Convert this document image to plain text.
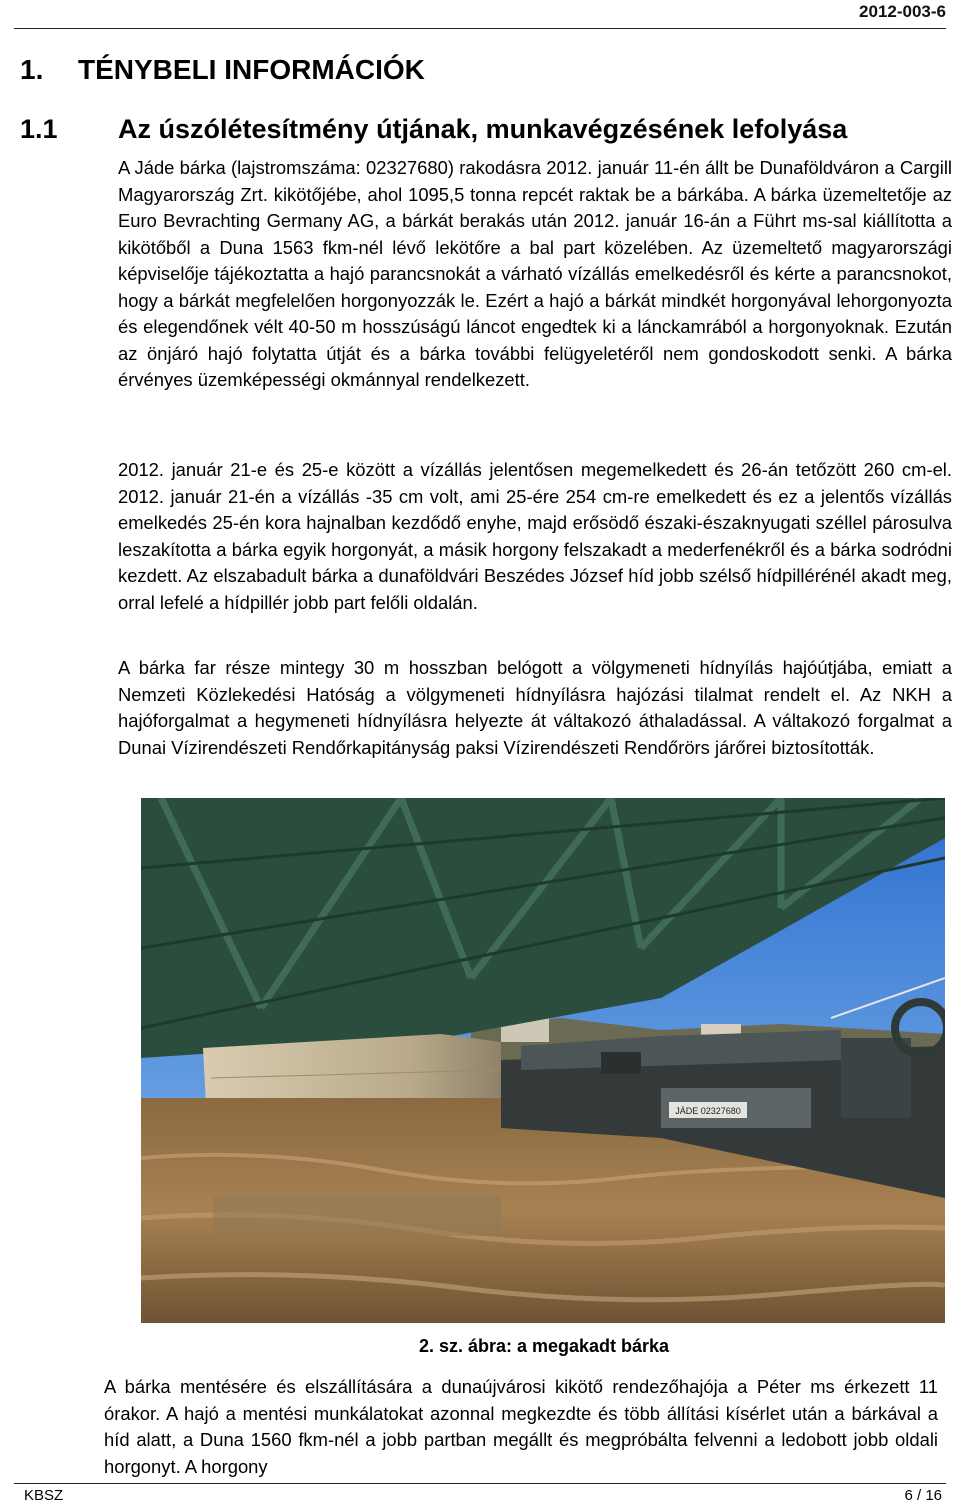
2012-003-6
1. TÉNYBELI INFORMÁCIÓK
1.1 Az úszólétesítmény útjának, munkavégzésének lefolyása

A Jáde bárka (lajstromszáma: 02327680) rakodásra 2012. január 11-én állt be Dunaföldváron a Cargill Magyarország Zrt. kikötőjébe, ahol 1095,5 tonna repcét raktak be a bárkába. A bárka üzemeltetője az Euro Bevrachting Germany AG, a bárkát berakás után 2012. január 16-án a Führt ms-sal kiállította a kikötőből a Duna 1563 fkm-nél lévő lekötőre a bal part közelében. Az üzemeltető magyarországi képviselője tájékoztatta a hajó parancsnokát a várható vízállás emelkedésről és kérte a parancsnokot, hogy a bárkát megfelelően horgonyozzák le. Ezért a hajó a bárkát mindkét horgonyával lehorgonyozta és elegendőnek vélt 40-50 m hosszúságú láncot engedtek ki a lánckamrából a horgonyoknak. Ezután az önjáró hajó folytatta útját és a bárka további felügyeletéről nem gondoskodott senki. A bárka érvényes üzemképességi okmánnyal rendelkezett.

2012. január 21-e és 25-e között a vízállás jelentősen megemelkedett és 26-án tetőzött 260 cm-el. 2012. január 21-én a vízállás -35 cm volt, ami 25-ére 254 cm-re emelkedett és ez a jelentős vízállás emelkedés 25-én kora hajnalban kezdődő enyhe, majd erősödő északi-északnyugati széllel párosulva leszakította a bárka egyik horgonyát, a másik horgony felszakadt a mederfenékről és a bárka sodródni kezdett. Az elszabadult bárka a dunaföldvári Beszédes József híd jobb szélső hídpillérénél akadt meg, orral lefelé a hídpillér jobb part felőli oldalán.

A bárka far része mintegy 30 m hosszban belógott a völgymeneti hídnyílás hajóútjába, emiatt a Nemzeti Közlekedési Hatóság a völgymeneti hídnyílásra hajózási tilalmat rendelt el. Az NKH a hajóforgalmat a hegymeneti hídnyílásra helyezte át váltakozó áthaladással. A váltakozó forgalmat a Dunai Vízirendészeti Rendőrkapitányság paksi Vízirendészeti Rendőrörs járőrei biztosították.

JÁDE 02327680
2. sz. ábra: a megakadt bárka

A bárka mentésére és elszállítására a dunaújvárosi kikötő rendezőhajója a Péter ms érkezett 11 órakor. A hajó a mentési munkálatokat azonnal megkezdte és több állítási kísérlet után a bárkával a híd alatt, a Duna 1560 fkm-nél a jobb partban megállt és megpróbálta felvenni a ledobott jobb oldali horgonyt. A horgony

KBSZ	6 / 16
